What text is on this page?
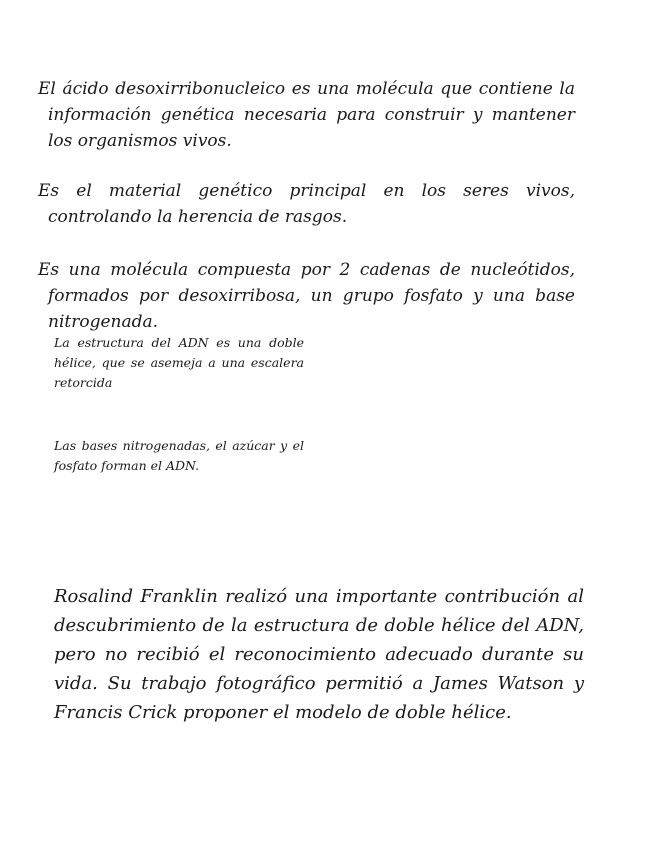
El ácido desoxirribonucleico es una molécula que contiene la información genética necesaria para construir y mantener los organismos vivos.

Es el material genético principal en los seres vivos, controlando la herencia de rasgos.

Es una molécula compuesta por 2 cadenas de nucleótidos, formados por desoxirribosa, un grupo fosfato y una base nitrogenada.

La estructura del ADN es una doble hélice, que se asemeja a una escalera retorcida

Las bases nitrogenadas, el azúcar y el fosfato forman el ADN.

Rosalind Franklin realizó una importante contribución al descubrimiento de la estructura de doble hélice del ADN, pero no recibió el reconocimiento adecuado durante su vida. Su trabajo fotográfico permitió a James Watson y Francis Crick proponer el modelo de doble hélice.
